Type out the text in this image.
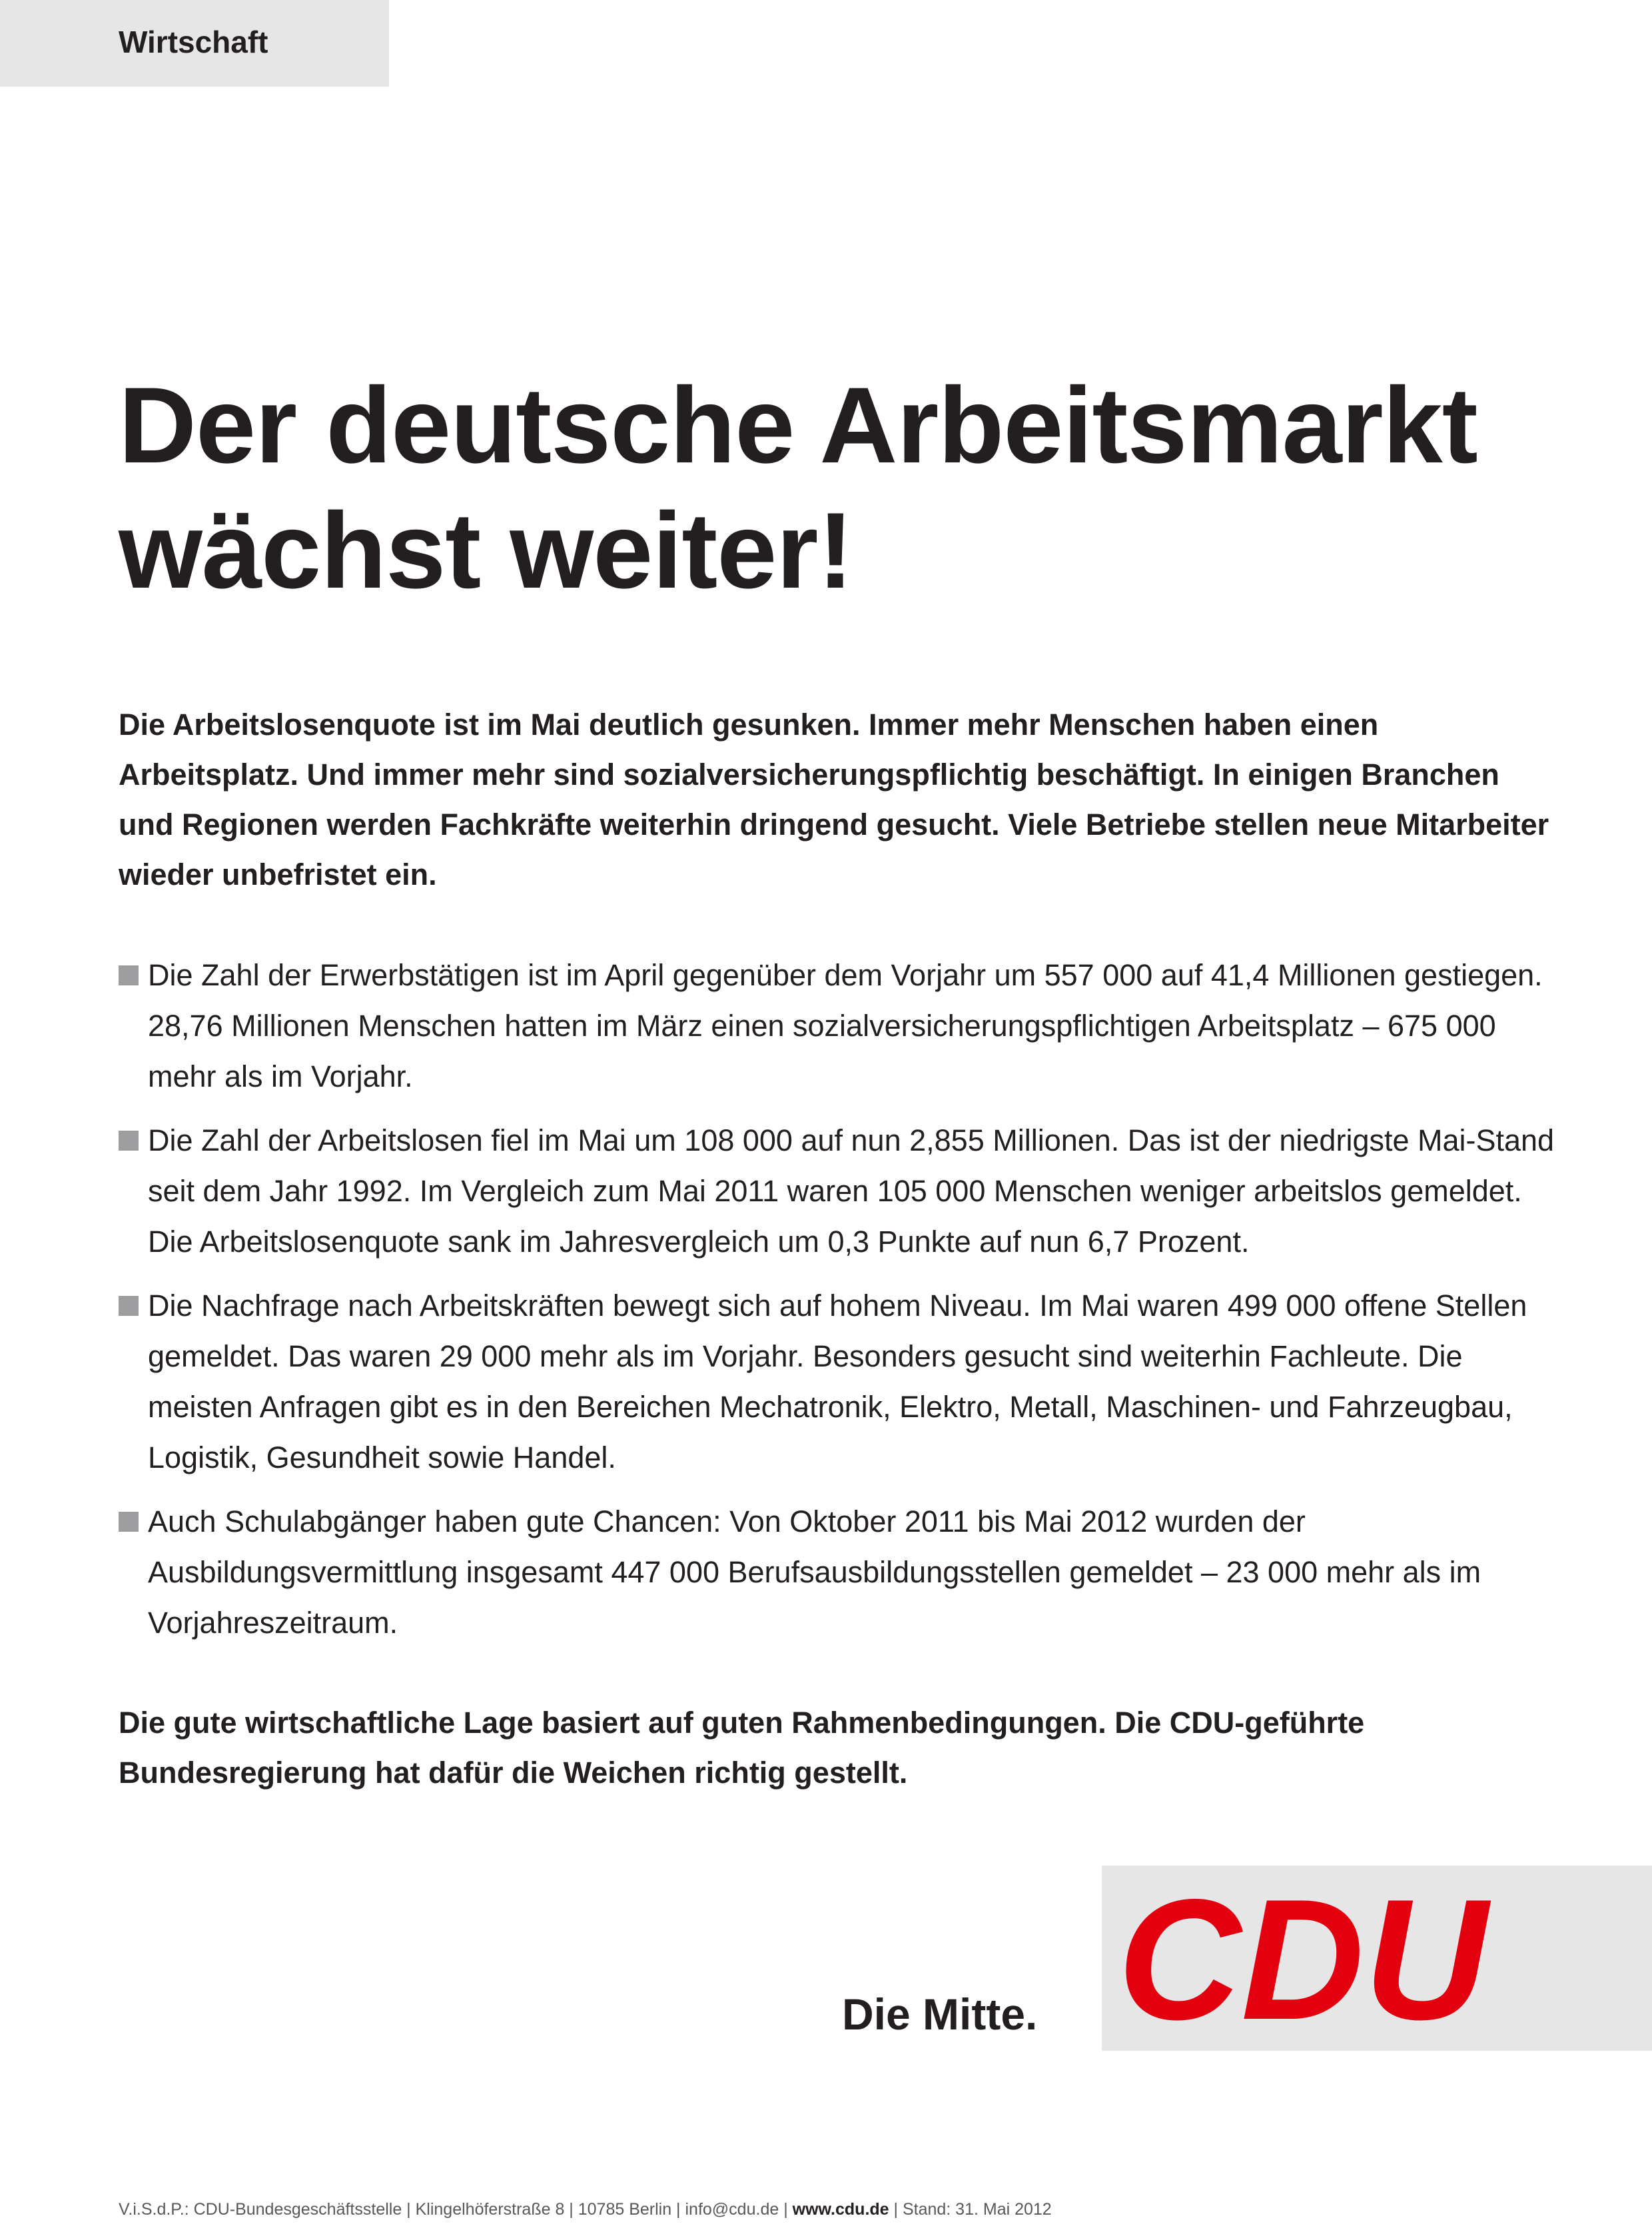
Wirtschaft
Der deutsche Arbeitsmarkt
wächst weiter!

Die Arbeitslosenquote ist im Mai deutlich gesunken. Immer mehr Menschen haben einen Arbeitsplatz. Und immer mehr sind sozialversicherungspflichtig beschäftigt. In einigen Branchen und Regionen werden Fachkräfte weiterhin dringend gesucht. Viele Betriebe stellen neue Mitarbeiter wieder unbefristet ein.

Die Zahl der Erwerbstätigen ist im April gegenüber dem Vorjahr um 557 000 auf 41,4 Millionen gestiegen. 28,76 Millionen Menschen hatten im März einen sozialversicherungspflichtigen Arbeitsplatz – 675 000 mehr als im Vorjahr.
Die Zahl der Arbeitslosen fiel im Mai um 108 000 auf nun 2,855 Millionen. Das ist der niedrigste Mai-Stand seit dem Jahr 1992. Im Vergleich zum Mai 2011 waren 105 000 Menschen weniger arbeitslos gemeldet. Die Arbeitslosenquote sank im Jahresvergleich um 0,3 Punkte auf nun 6,7 Prozent.
Die Nachfrage nach Arbeitskräften bewegt sich auf hohem Niveau. Im Mai waren 499 000 offene Stellen gemeldet. Das waren 29 000 mehr als im Vorjahr. Besonders gesucht sind weiterhin Fachleute. Die meisten Anfragen gibt es in den Bereichen Mechatronik, Elektro, Metall, Maschinen- und Fahrzeugbau, Logistik, Gesundheit sowie Handel.
Auch Schulabgänger haben gute Chancen: Von Oktober 2011 bis Mai 2012 wurden der Ausbildungsvermittlung insgesamt 447 000 Berufsausbildungsstellen gemeldet – 23 000 mehr als im Vorjahreszeitraum.

Die gute wirtschaftliche Lage basiert auf guten Rahmenbedingungen. Die CDU-geführte Bundesregierung hat dafür die Weichen richtig gestellt.

Die Mitte. CDU
V.i.S.d.P.: CDU-Bundesgeschäftsstelle | Klingelhöferstraße 8 | 10785 Berlin | info@cdu.de | www.cdu.de | Stand: 31. Mai 2012
